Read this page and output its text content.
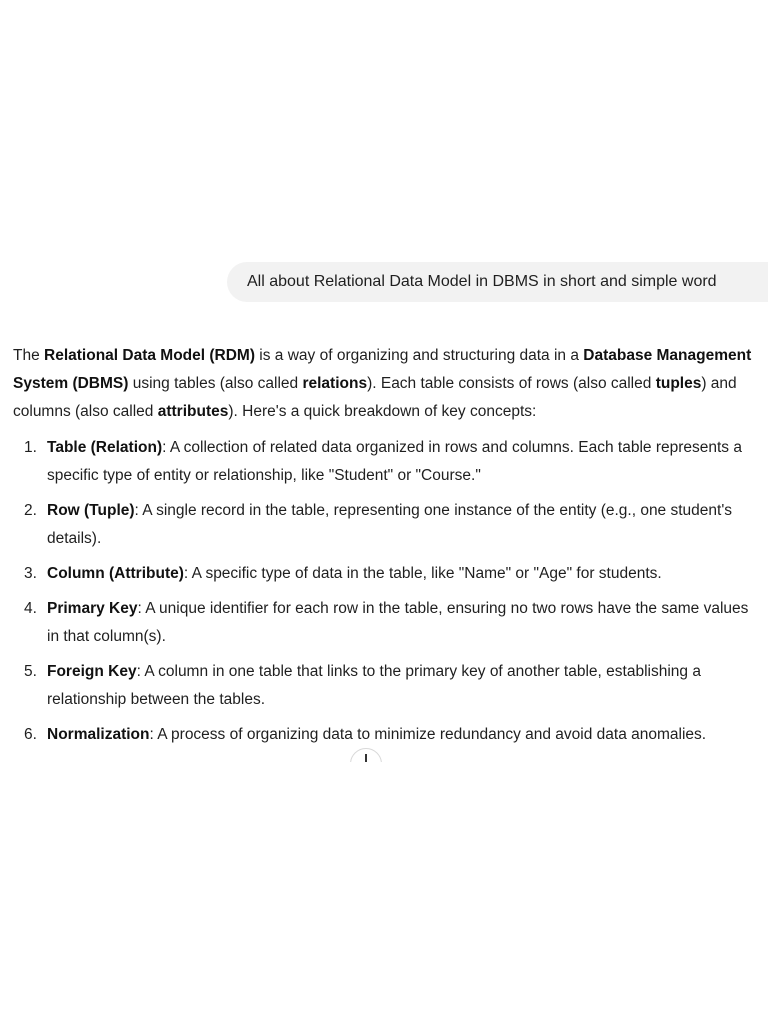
All about Relational Data Model in DBMS in short and simple word

The Relational Data Model (RDM) is a way of organizing and structuring data in a Database Management System (DBMS) using tables (also called relations). Each table consists of rows (also called tuples) and columns (also called attributes). Here's a quick breakdown of key concepts:

1. Table (Relation): A collection of related data organized in rows and columns. Each table represents a specific type of entity or relationship, like "Student" or "Course."
2. Row (Tuple): A single record in the table, representing one instance of the entity (e.g., one student's details).
3. Column (Attribute): A specific type of data in the table, like "Name" or "Age" for students.
4. Primary Key: A unique identifier for each row in the table, ensuring no two rows have the same values in that column(s).
5. Foreign Key: A column in one table that links to the primary key of another table, establishing a relationship between the tables.
6. Normalization: A process of organizing data to minimize redundancy and avoid data anomalies.
